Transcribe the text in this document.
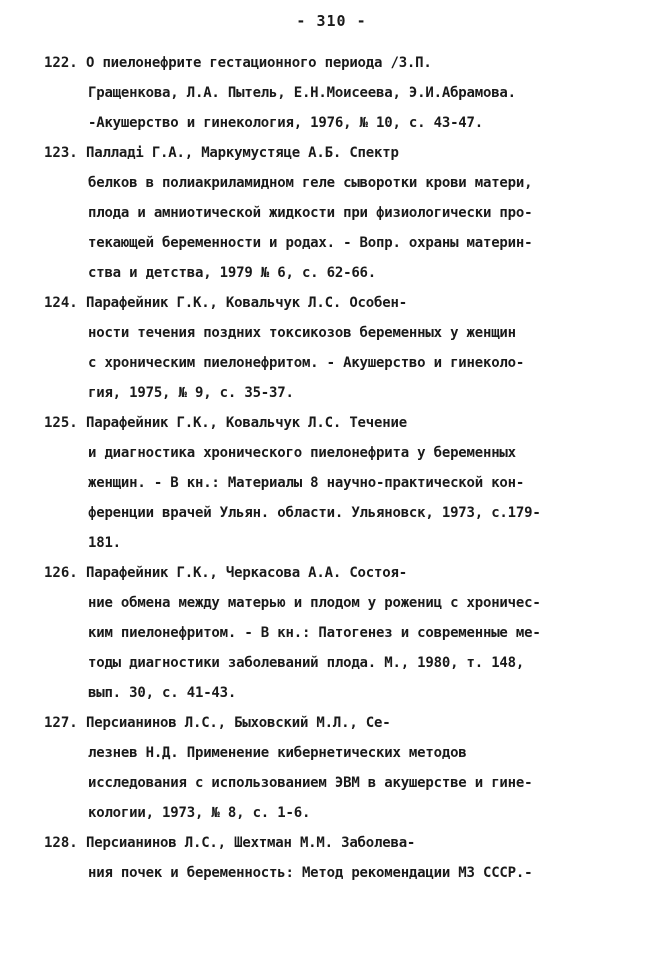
- 310 -
122. О пиелонефрите гестационного периода /З.П.
Гращенкова, Л.А. Пытель, Е.Н.Моисеева, Э.И.Абрамова.
-Акушерство и гинекология, 1976, № 10, с. 43-47.
123. Палладі Г.А., Маркумустяце А.Б. Спектр
белков в полиакриламидном геле сыворотки крови матери,
плода и амниотической жидкости при физиологически про-
текающей беременности и родах. - Вопр. охраны материн-
ства и детства, 1979 № 6, с. 62-66.
124. Парафейник Г.К., Ковальчук Л.С. Особен-
ности течения поздних токсикозов беременных у женщин
с хроническим пиелонефритом. - Акушерство и гинеколо-
гия, 1975, № 9, с. 35-37.
125. Парафейник Г.К., Ковальчук Л.С. Течение
и диагностика хронического пиелонефрита у беременных
женщин. - В кн.: Материалы 8 научно-практической кон-
ференции врачей Ульян. области. Ульяновск, 1973, с.179-
181.
126. Парафейник Г.К., Черкасова А.А. Состоя-
ние обмена между матерью и плодом у рожениц с хроничес-
ким пиелонефритом. - В кн.: Патогенез и современные ме-
тоды диагностики заболеваний плода. М., 1980, т. 148,
вып. 30, с. 41-43.
127. Персианинов Л.С., Быховский М.Л., Се-
лезнев Н.Д. Применение кибернетических методов
исследования с использованием ЭВМ в акушерстве и гине-
кологии, 1973, № 8, с. 1-6.
128. Персианинов Л.С., Шехтман М.М. Заболева-
ния почек и беременность: Метод рекомендации МЗ СССР.-
